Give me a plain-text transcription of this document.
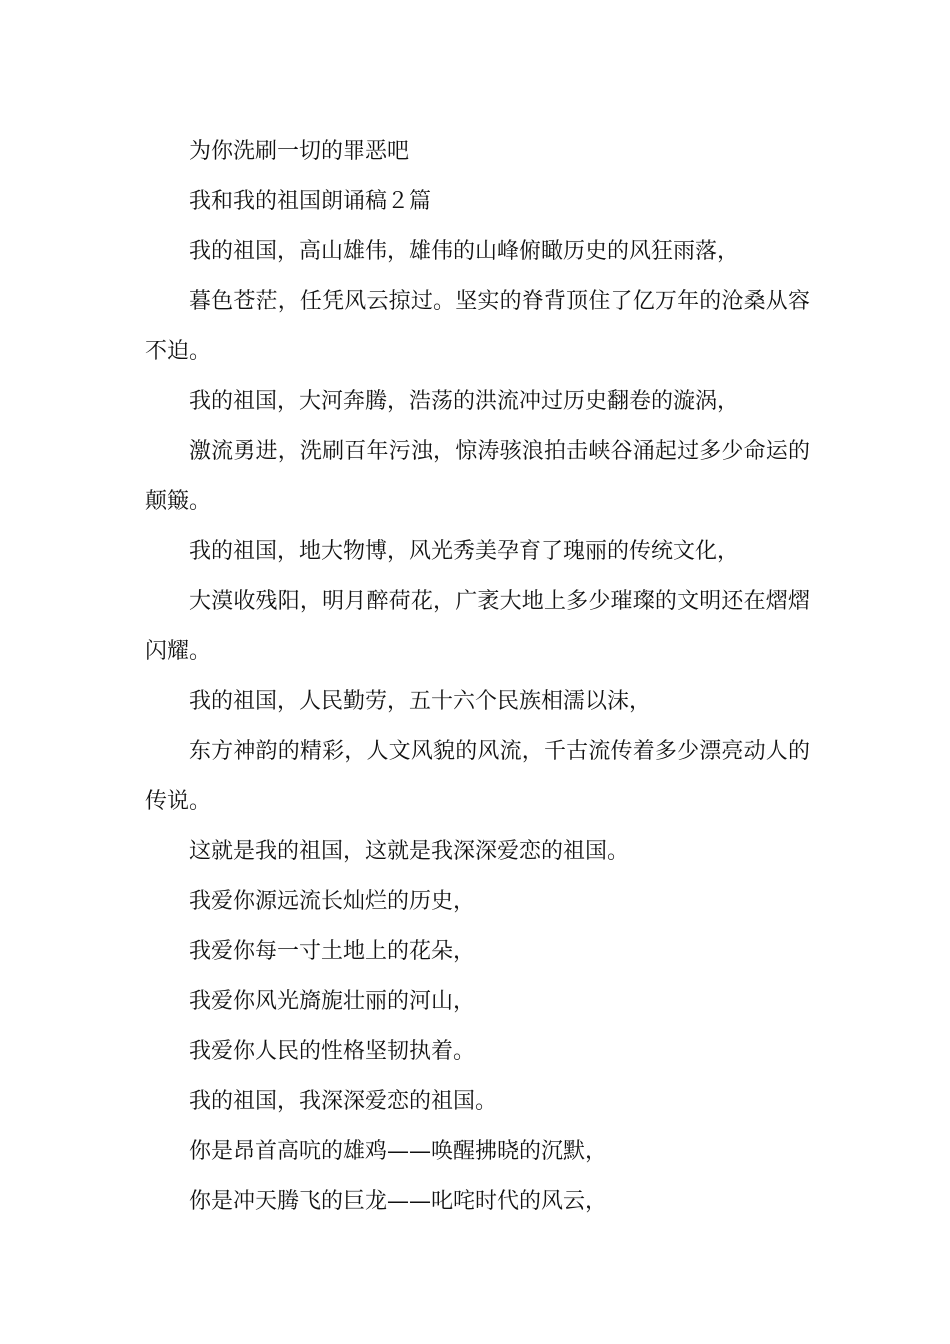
为你洗刷一切的罪恶吧

我和我的祖国朗诵稿２篇

我的祖国，高山雄伟，雄伟的山峰俯瞰历史的风狂雨落，

暮色苍茫，任凭风云掠过。坚实的脊背顶住了亿万年的沧桑从容不迫。

我的祖国，大河奔腾，浩荡的洪流冲过历史翻卷的漩涡，

激流勇进，洗刷百年污浊，惊涛骇浪拍击峡谷涌起过多少命运的颠簸。

我的祖国，地大物博，风光秀美孕育了瑰丽的传统文化，

大漠收残阳，明月醉荷花，广袤大地上多少璀璨的文明还在熠熠闪耀。

我的祖国，人民勤劳，五十六个民族相濡以沫，

东方神韵的精彩，人文风貌的风流，千古流传着多少漂亮动人的传说。

这就是我的祖国，这就是我深深爱恋的祖国。

我爱你源远流长灿烂的历史，

我爱你每一寸土地上的花朵，

我爱你风光旖旎壮丽的河山，

我爱你人民的性格坚韧执着。

我的祖国，我深深爱恋的祖国。

你是昂首高吭的雄鸡——唤醒拂晓的沉默，

你是冲天腾飞的巨龙——叱咤时代的风云，
